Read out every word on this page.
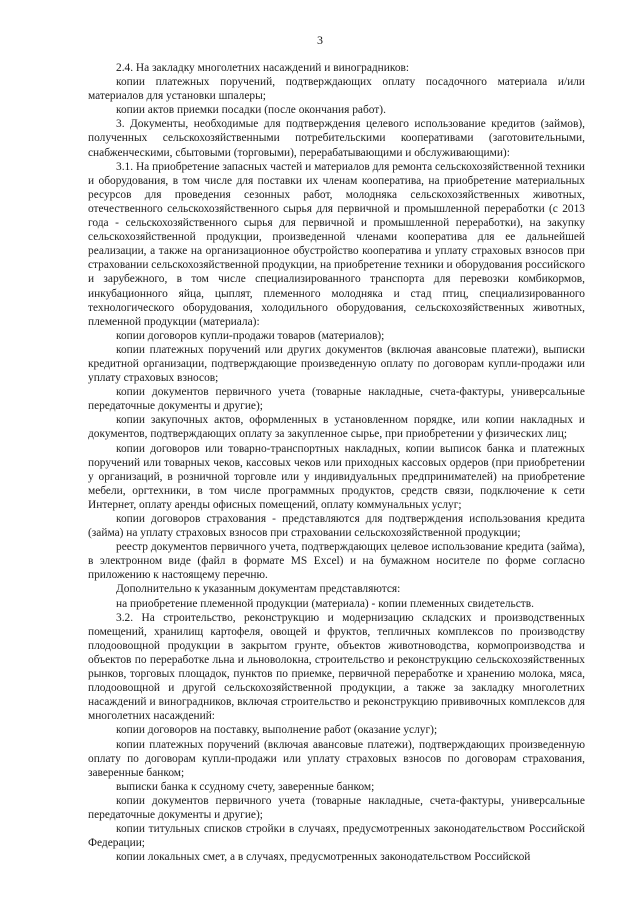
3

2.4. На закладку многолетних насаждений и виноградников:

копии платежных поручений, подтверждающих оплату посадочного материала и/или материалов для установки шпалеры;

копии актов приемки посадки (после окончания работ).

3. Документы, необходимые для подтверждения целевого использование кредитов (займов), полученных сельскохозяйственными потребительскими кооперативами (заготовительными, снабженческими, сбытовыми (торговыми), перерабатывающими и обслуживающими):

3.1. На приобретение запасных частей и материалов для ремонта сельскохозяйственной техники и оборудования, в том числе для поставки их членам кооператива, на приобретение материальных ресурсов для проведения сезонных работ, молодняка сельскохозяйственных животных, отечественного сельскохозяйственного сырья для первичной и промышленной переработки (с 2013 года - сельскохозяйственного сырья для первичной и промышленной переработки), на закупку сельскохозяйственной продукции, произведенной членами кооператива для ее дальнейшей реализации, а также на организационное обустройство кооператива и уплату страховых взносов при страховании сельскохозяйственной продукции, на приобретение техники и оборудования российского и зарубежного, в том числе специализированного транспорта для перевозки комбикормов, инкубационного яйца, цыплят, племенного молодняка и стад птиц, специализированного технологического оборудования, холодильного оборудования, сельскохозяйственных животных, племенной продукции (материала):

копии договоров купли-продажи товаров (материалов);

копии платежных поручений или других документов (включая авансовые платежи), выписки кредитной организации, подтверждающие произведенную оплату по договорам купли-продажи или уплату страховых взносов;

копии документов первичного учета (товарные накладные, счета-фактуры, универсальные передаточные документы и другие);

копии закупочных актов, оформленных в установленном порядке, или копии накладных и документов, подтверждающих оплату за закупленное сырье, при приобретении у физических лиц;

копии договоров или товарно-транспортных накладных, копии выписок банка и платежных поручений или товарных чеков, кассовых чеков или приходных кассовых ордеров (при приобретении у организаций, в розничной торговле или у индивидуальных предпринимателей) на приобретение мебели, оргтехники, в том числе программных продуктов, средств связи, подключение к сети Интернет, оплату аренды офисных помещений, оплату коммунальных услуг;

копии договоров страхования - представляются для подтверждения использования кредита (займа) на уплату страховых взносов при страховании сельскохозяйственной продукции;

реестр документов первичного учета, подтверждающих целевое использование кредита (займа), в электронном виде (файл в формате MS Excel) и на бумажном носителе по форме согласно приложению к настоящему перечню.

Дополнительно к указанным документам представляются:

на приобретение племенной продукции (материала) - копии племенных свидетельств.

3.2. На строительство, реконструкцию и модернизацию складских и производственных помещений, хранилищ картофеля, овощей и фруктов, тепличных комплексов по производству плодоовощной продукции в закрытом грунте, объектов животноводства, кормопроизводства и объектов по переработке льна и льноволокна, строительство и реконструкцию сельскохозяйственных рынков, торговых площадок, пунктов по приемке, первичной переработке и хранению молока, мяса, плодоовощной и другой сельскохозяйственной продукции, а также за закладку многолетних насаждений и виноградников, включая строительство и реконструкцию прививочных комплексов для многолетних насаждений:

копии договоров на поставку, выполнение работ (оказание услуг);

копии платежных поручений (включая авансовые платежи), подтверждающих произведенную оплату по договорам купли-продажи или уплату страховых взносов по договорам страхования, заверенные банком;

выписки банка к ссудному счету, заверенные банком;

копии документов первичного учета (товарные накладные, счета-фактуры, универсальные передаточные документы и другие);

копии титульных списков стройки в случаях, предусмотренных законодательством Российской Федерации;

копии локальных смет, а в случаях, предусмотренных законодательством Российской
